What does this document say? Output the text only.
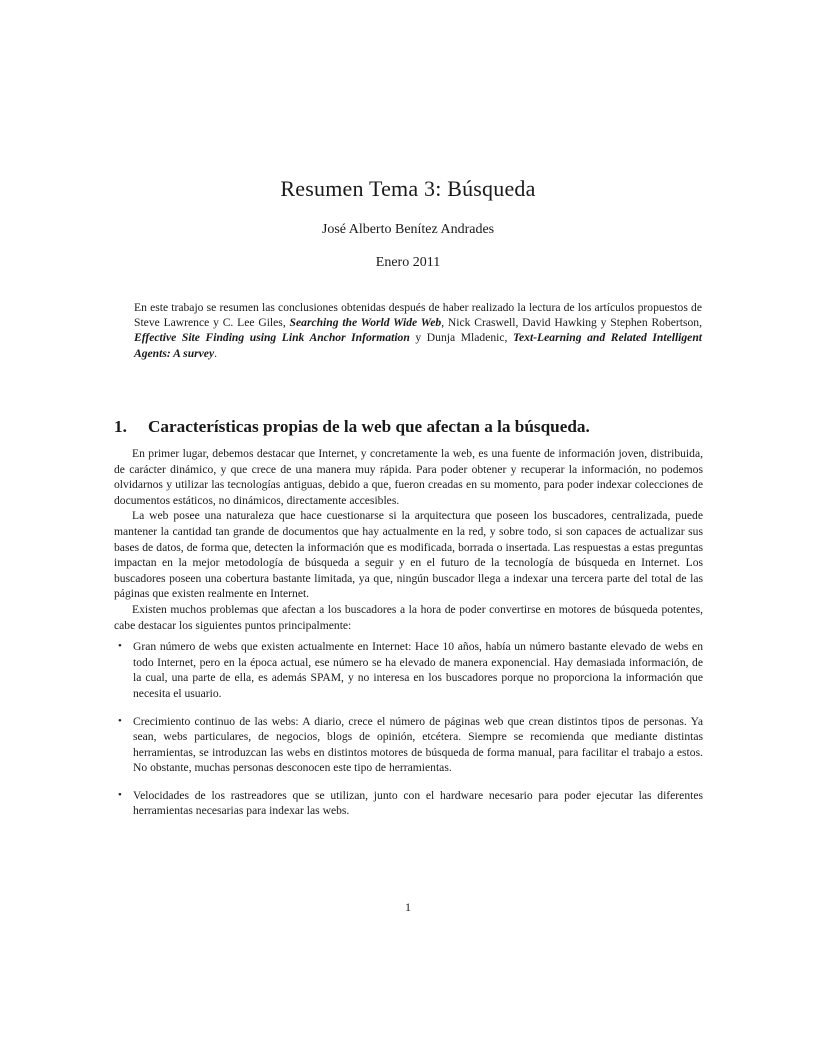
Resumen Tema 3: Búsqueda
José Alberto Benítez Andrades
Enero 2011
En este trabajo se resumen las conclusiones obtenidas después de haber realizado la lectura de los artículos propuestos de Steve Lawrence y C. Lee Giles, Searching the World Wide Web, Nick Craswell, David Hawking y Stephen Robertson, Effective Site Finding using Link Anchor Information y Dunja Mladenic, Text-Learning and Related Intelligent Agents: A survey.
1. Características propias de la web que afectan a la búsqueda.

En primer lugar, debemos destacar que Internet, y concretamente la web, es una fuente de información joven, distribuida, de carácter dinámico, y que crece de una manera muy rápida. Para poder obtener y recuperar la información, no podemos olvidarnos y utilizar las tecnologías antiguas, debido a que, fueron creadas en su momento, para poder indexar colecciones de documentos estáticos, no dinámicos, directamente accesibles.

La web posee una naturaleza que hace cuestionarse si la arquitectura que poseen los buscadores, centralizada, puede mantener la cantidad tan grande de documentos que hay actualmente en la red, y sobre todo, si son capaces de actualizar sus bases de datos, de forma que, detecten la información que es modificada, borrada o insertada. Las respuestas a estas preguntas impactan en la mejor metodología de búsqueda a seguir y en el futuro de la tecnología de búsqueda en Internet. Los buscadores poseen una cobertura bastante limitada, ya que, ningún buscador llega a indexar una tercera parte del total de las páginas que existen realmente en Internet.

Existen muchos problemas que afectan a los buscadores a la hora de poder convertirse en motores de búsqueda potentes, cabe destacar los siguientes puntos principalmente:

• Gran número de webs que existen actualmente en Internet: Hace 10 años, había un número bastante elevado de webs en todo Internet, pero en la época actual, ese número se ha elevado de manera exponencial. Hay demasiada información, de la cual, una parte de ella, es además SPAM, y no interesa en los buscadores porque no proporciona la información que necesita el usuario.
• Crecimiento continuo de las webs: A diario, crece el número de páginas web que crean distintos tipos de personas. Ya sean, webs particulares, de negocios, blogs de opinión, etcétera. Siempre se recomienda que mediante distintas herramientas, se introduzcan las webs en distintos motores de búsqueda de forma manual, para facilitar el trabajo a estos. No obstante, muchas personas desconocen este tipo de herramientas.
• Velocidades de los rastreadores que se utilizan, junto con el hardware necesario para poder ejecutar las diferentes herramientas necesarias para indexar las webs.
1
